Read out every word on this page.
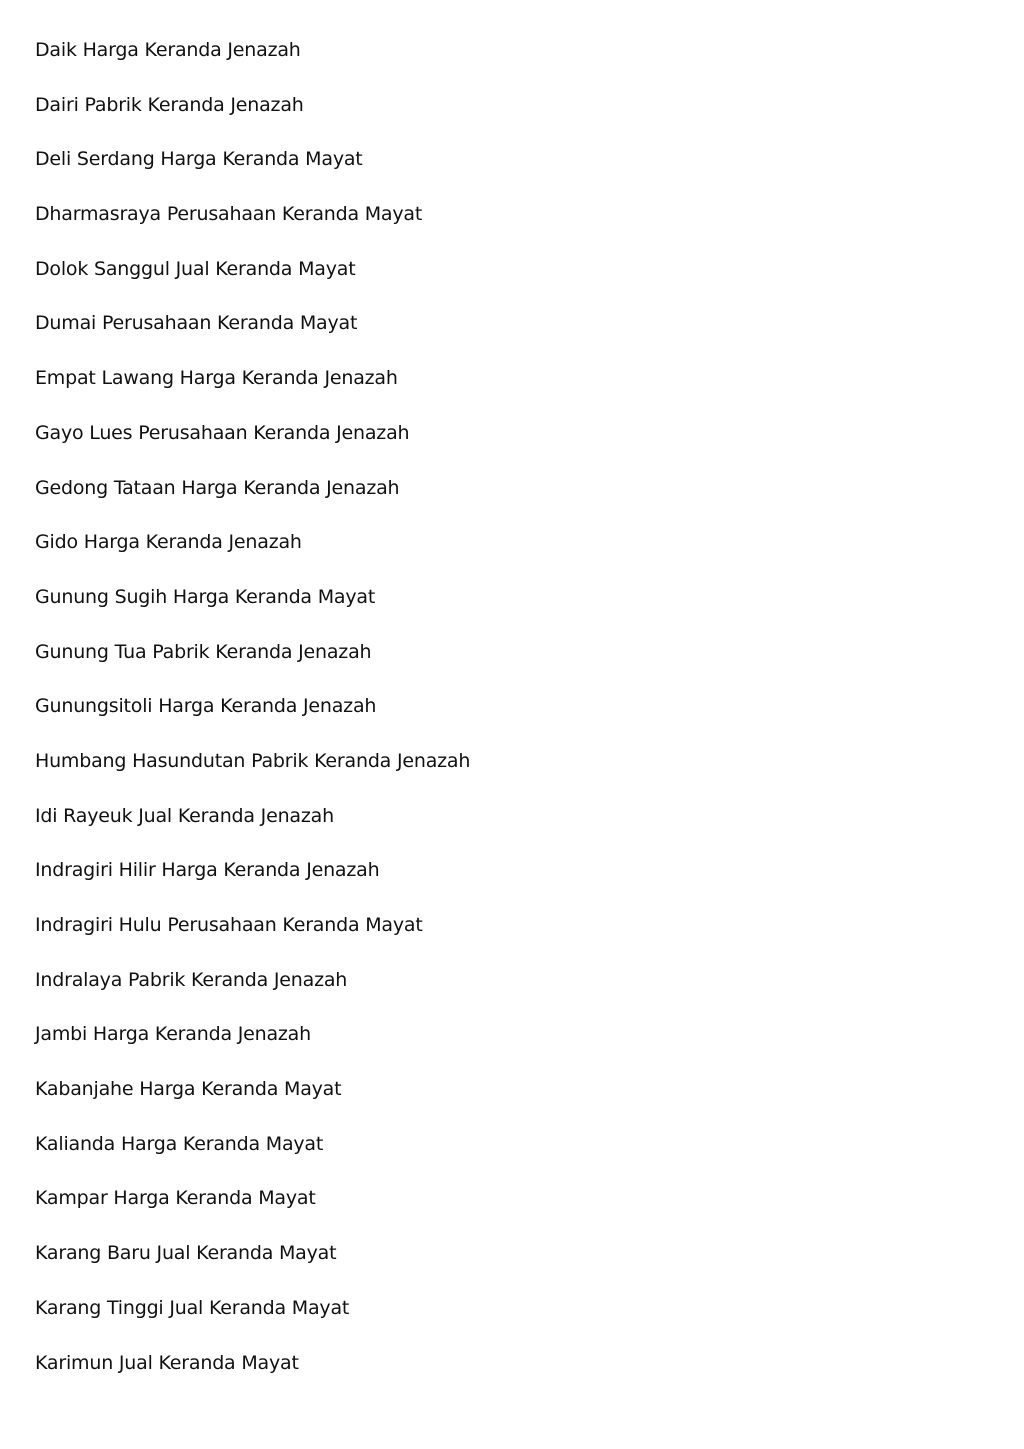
Daik Harga Keranda Jenazah
Dairi Pabrik Keranda Jenazah
Deli Serdang Harga Keranda Mayat
Dharmasraya Perusahaan Keranda Mayat
Dolok Sanggul Jual Keranda Mayat
Dumai Perusahaan Keranda Mayat
Empat Lawang Harga Keranda Jenazah
Gayo Lues Perusahaan Keranda Jenazah
Gedong Tataan Harga Keranda Jenazah
Gido Harga Keranda Jenazah
Gunung Sugih Harga Keranda Mayat
Gunung Tua Pabrik Keranda Jenazah
Gunungsitoli Harga Keranda Jenazah
Humbang Hasundutan Pabrik Keranda Jenazah
Idi Rayeuk Jual Keranda Jenazah
Indragiri Hilir Harga Keranda Jenazah
Indragiri Hulu Perusahaan Keranda Mayat
Indralaya Pabrik Keranda Jenazah
Jambi Harga Keranda Jenazah
Kabanjahe Harga Keranda Mayat
Kalianda Harga Keranda Mayat
Kampar Harga Keranda Mayat
Karang Baru Jual Keranda Mayat
Karang Tinggi Jual Keranda Mayat
Karimun Jual Keranda Mayat
